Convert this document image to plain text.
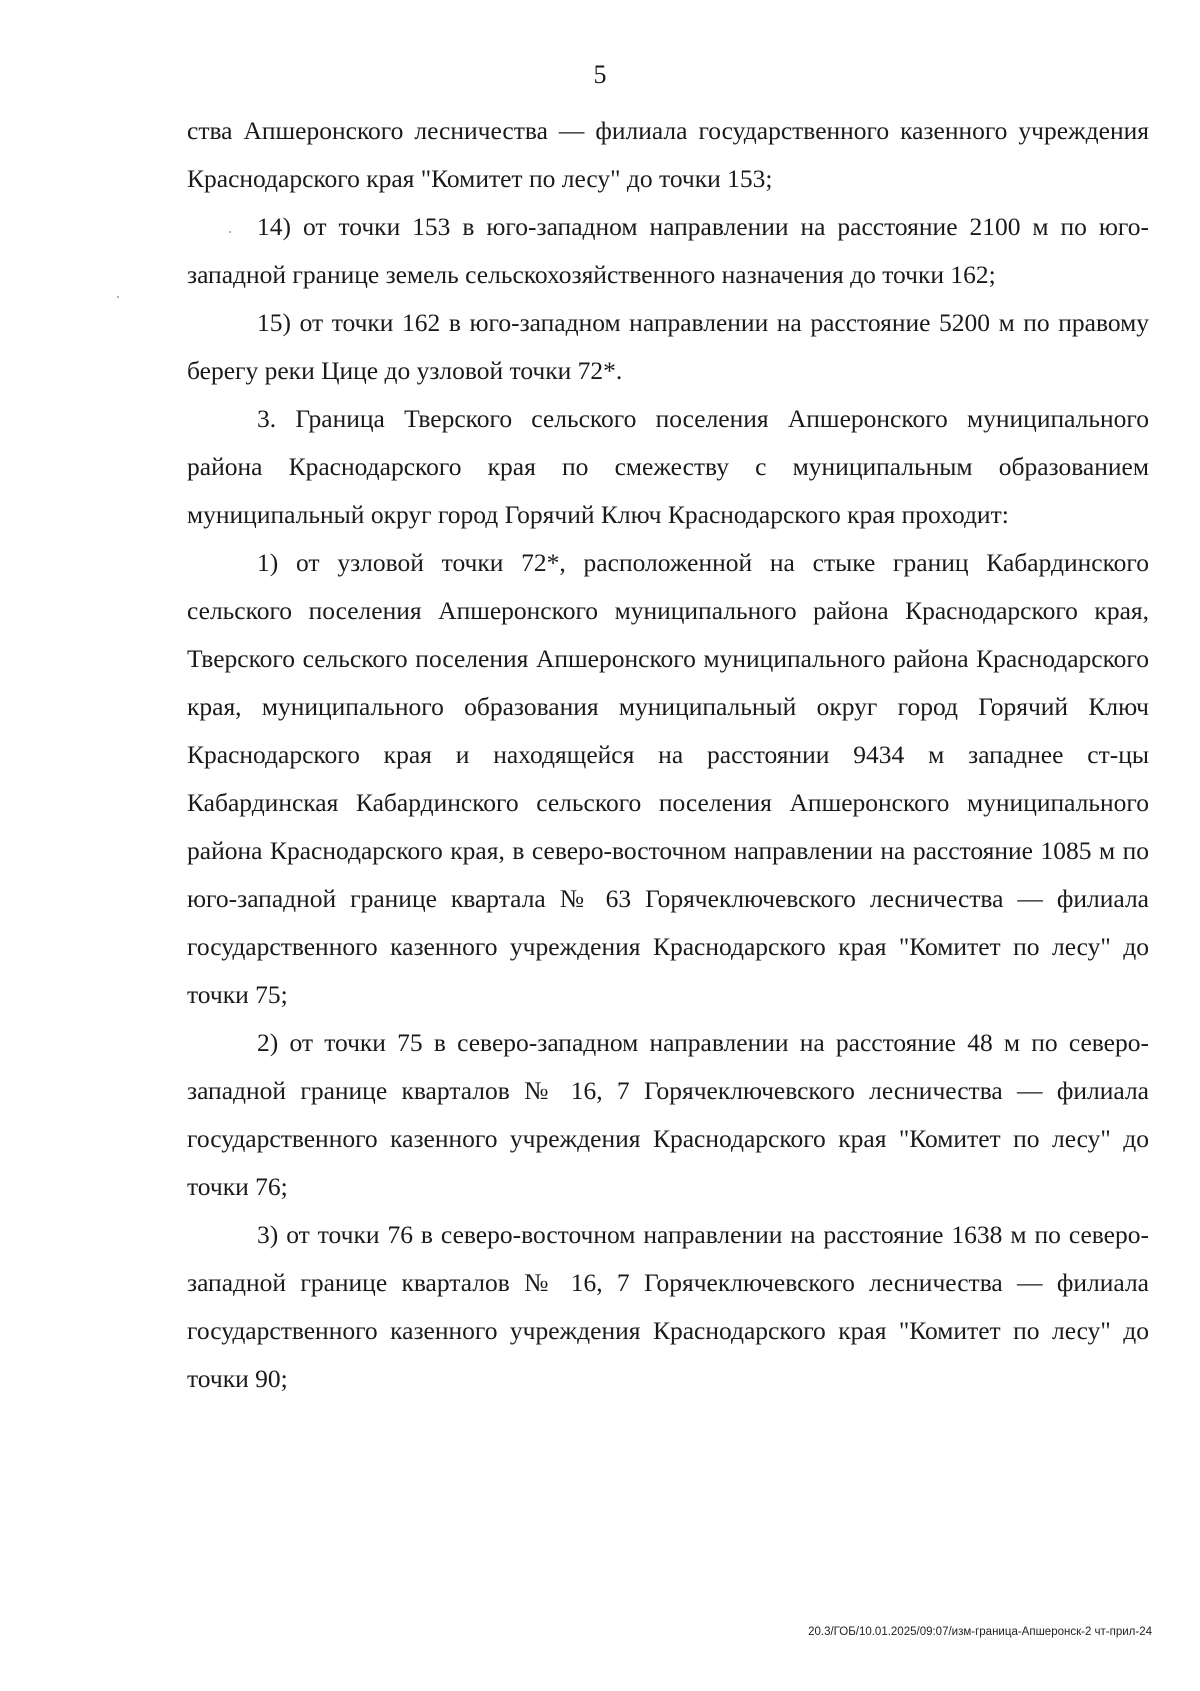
5

ства Апшеронского лесничества — филиала государственного казенного учреждения Краснодарского края "Комитет по лесу" до точки 153;

14) от точки 153 в юго-западном направлении на расстояние 2100 м по юго-западной границе земель сельскохозяйственного назначения до точки 162;

15) от точки 162 в юго-западном направлении на расстояние 5200 м по правому берегу реки Цице до узловой точки 72*.

3. Граница Тверского сельского поселения Апшеронского муниципального района Краснодарского края по смежеству с муниципальным образованием муниципальный округ город Горячий Ключ Краснодарского края проходит:

1) от узловой точки 72*, расположенной на стыке границ Кабардинского сельского поселения Апшеронского муниципального района Краснодарского края, Тверского сельского поселения Апшеронского муниципального района Краснодарского края, муниципального образования муниципальный округ город Горячий Ключ Краснодарского края и находящейся на расстоянии 9434 м западнее ст-цы Кабардинская Кабардинского сельского поселения Апшеронского муниципального района Краснодарского края, в северо-восточном направлении на расстояние 1085 м по юго-западной границе квартала № 63 Горячеключевского лесничества — филиала государственного казенного учреждения Краснодарского края "Комитет по лесу" до точки 75;

2) от точки 75 в северо-западном направлении на расстояние 48 м по северо-западной границе кварталов № 16, 7 Горячеключевского лесничества — филиала государственного казенного учреждения Краснодарского края "Комитет по лесу" до точки 76;

3) от точки 76 в северо-восточном направлении на расстояние 1638 м по северо-западной границе кварталов № 16, 7 Горячеключевского лесничества — филиала государственного казенного учреждения Краснодарского края "Комитет по лесу" до точки 90;

20.3/ГОБ/10.01.2025/09:07/изм-граница-Апшеронск-2 чт-прил-24
